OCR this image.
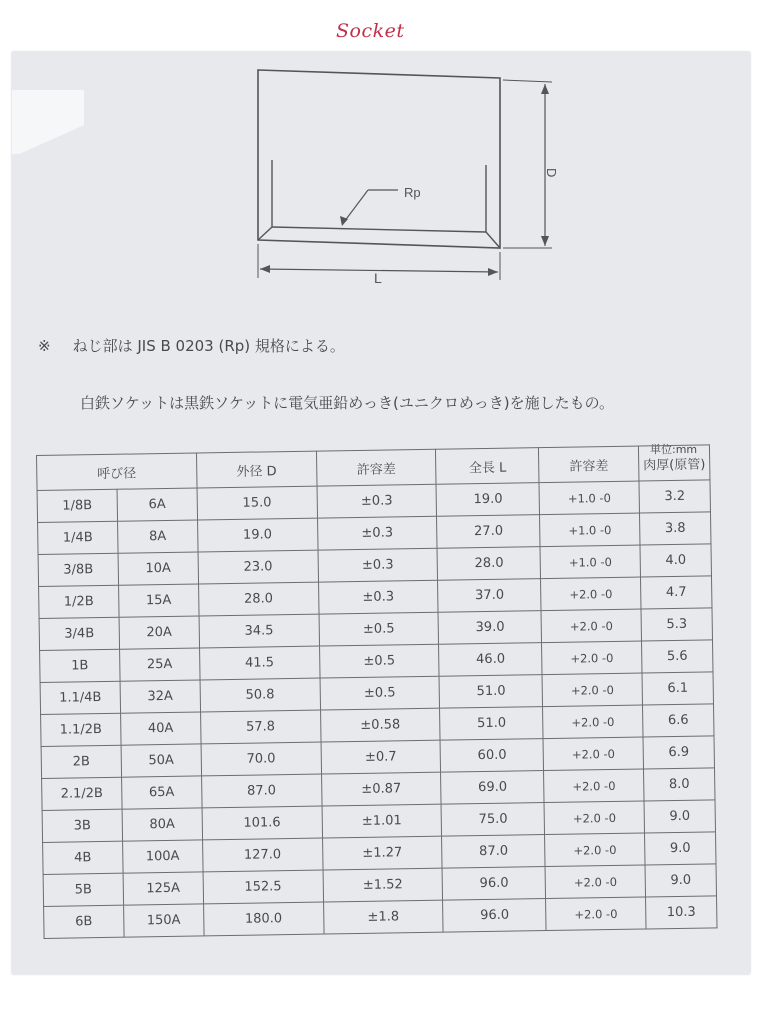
Socket
Rp
D
L
※ ねじ部は JIS B 0203 (Rp) 規格による。
白鉄ソケットは黒鉄ソケットに電気亜鉛めっき(ユニクロめっき)を施したもの。
単位:mm
呼び径		外径 D	許容差	全長 L	許容差	肉厚(原管)
1/8B	6A	15.0	±0.3	19.0	+1.0 -0	3.2
1/4B	8A	19.0	±0.3	27.0	+1.0 -0	3.8
3/8B	10A	23.0	±0.3	28.0	+1.0 -0	4.0
1/2B	15A	28.0	±0.3	37.0	+2.0 -0	4.7
3/4B	20A	34.5	±0.5	39.0	+2.0 -0	5.3
1B	25A	41.5	±0.5	46.0	+2.0 -0	5.6
1.1/4B	32A	50.8	±0.5	51.0	+2.0 -0	6.1
1.1/2B	40A	57.8	±0.58	51.0	+2.0 -0	6.6
2B	50A	70.0	±0.7	60.0	+2.0 -0	6.9
2.1/2B	65A	87.0	±0.87	69.0	+2.0 -0	8.0
3B	80A	101.6	±1.01	75.0	+2.0 -0	9.0
4B	100A	127.0	±1.27	87.0	+2.0 -0	9.0
5B	125A	152.5	±1.52	96.0	+2.0 -0	9.0
6B	150A	180.0	±1.8	96.0	+2.0 -0	10.3
